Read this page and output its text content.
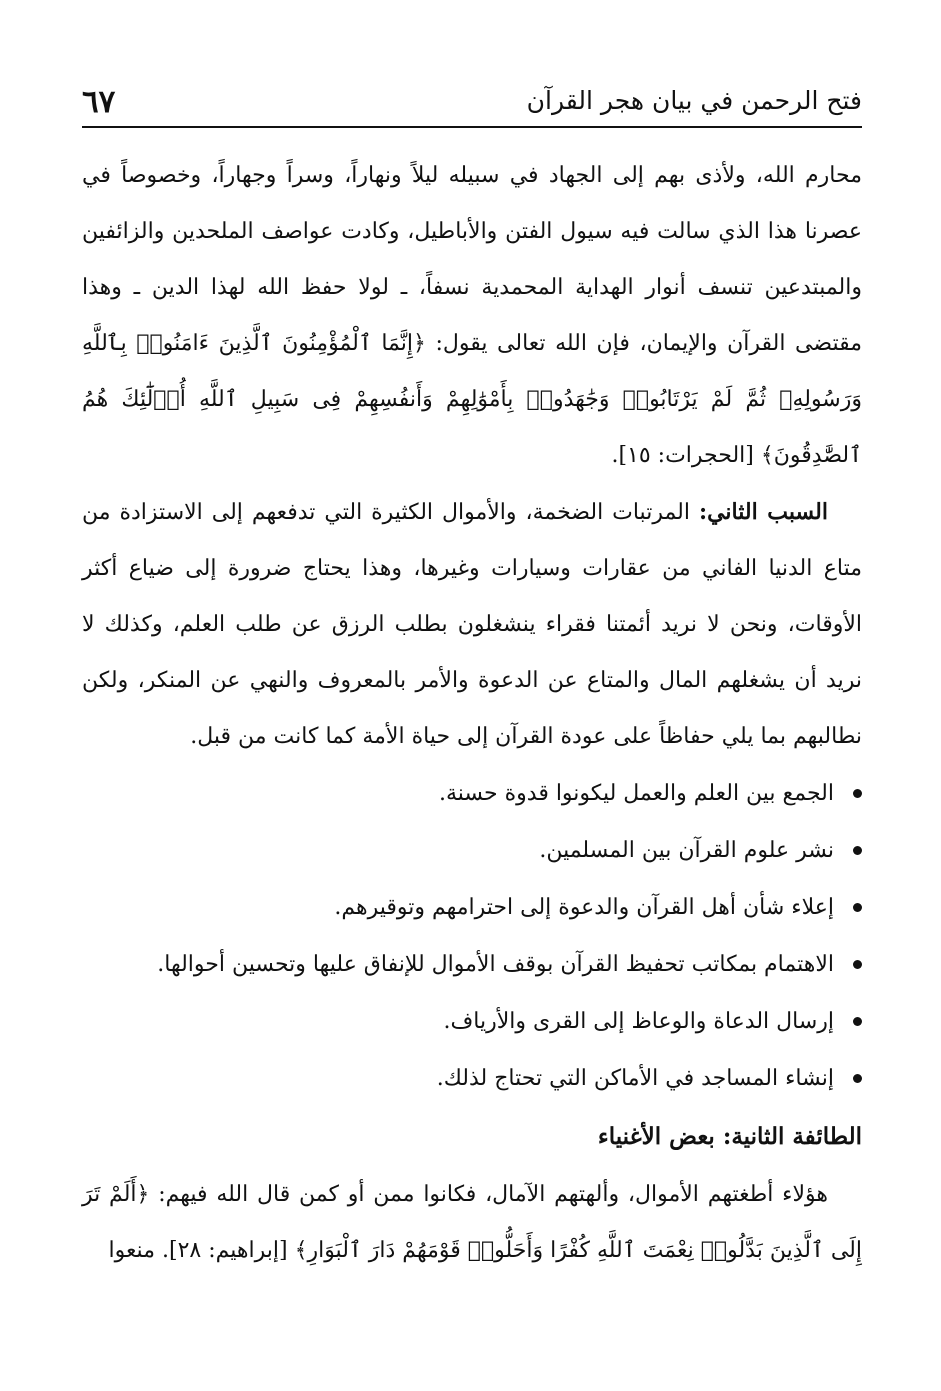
فتح الرحمن في بيان هجر القرآن
٦٧

محارم الله، ولأذى بهم إلى الجهاد في سبيله ليلاً ونهاراً، وسراً وجهاراً، وخصوصاً في عصرنا هذا الذي سالت فيه سيول الفتن والأباطيل، وكادت عواصف الملحدين والزائفين والمبتدعين تنسف أنوار الهداية المحمدية نسفاً، ـ لولا حفظ الله لهذا الدين ـ وهذا مقتضى القرآن والإيمان، فإن الله تعالى يقول: ﴿إِنَّمَا ٱلْمُؤْمِنُونَ ٱلَّذِينَ ءَامَنُوا۟ بِٱللَّهِ وَرَسُولِهِۦ ثُمَّ لَمْ يَرْتَابُوا۟ وَجَٰهَدُوا۟ بِأَمْوَٰلِهِمْ وَأَنفُسِهِمْ فِى سَبِيلِ ٱللَّهِ أُو۟لَٰٓئِكَ هُمُ ٱلصَّٰدِقُونَ﴾ [الحجرات: ١٥].

السبب الثاني: المرتبات الضخمة، والأموال الكثيرة التي تدفعهم إلى الاستزادة من متاع الدنيا الفاني من عقارات وسيارات وغيرها، وهذا يحتاج ضرورة إلى ضياع أكثر الأوقات، ونحن لا نريد أئمتنا فقراء ينشغلون بطلب الرزق عن طلب العلم، وكذلك لا نريد أن يشغلهم المال والمتاع عن الدعوة والأمر بالمعروف والنهي عن المنكر، ولكن نطالبهم بما يلي حفاظاً على عودة القرآن إلى حياة الأمة كما كانت من قبل.

الجمع بين العلم والعمل ليكونوا قدوة حسنة.
نشر علوم القرآن بين المسلمين.
إعلاء شأن أهل القرآن والدعوة إلى احترامهم وتوقيرهم.
الاهتمام بمكاتب تحفيظ القرآن بوقف الأموال للإنفاق عليها وتحسين أحوالها.
إرسال الدعاة والوعاظ إلى القرى والأرياف.
إنشاء المساجد في الأماكن التي تحتاج لذلك.
الطائفة الثانية: بعض الأغنياء

هؤلاء أطغتهم الأموال، وألهتهم الآمال، فكانوا ممن أو كمن قال الله فيهم: ﴿أَلَمْ تَرَ إِلَى ٱلَّذِينَ بَدَّلُوا۟ نِعْمَتَ ٱللَّهِ كُفْرًا وَأَحَلُّوا۟ قَوْمَهُمْ دَارَ ٱلْبَوَارِ﴾ [إبراهيم: ٢٨]. منعوا
